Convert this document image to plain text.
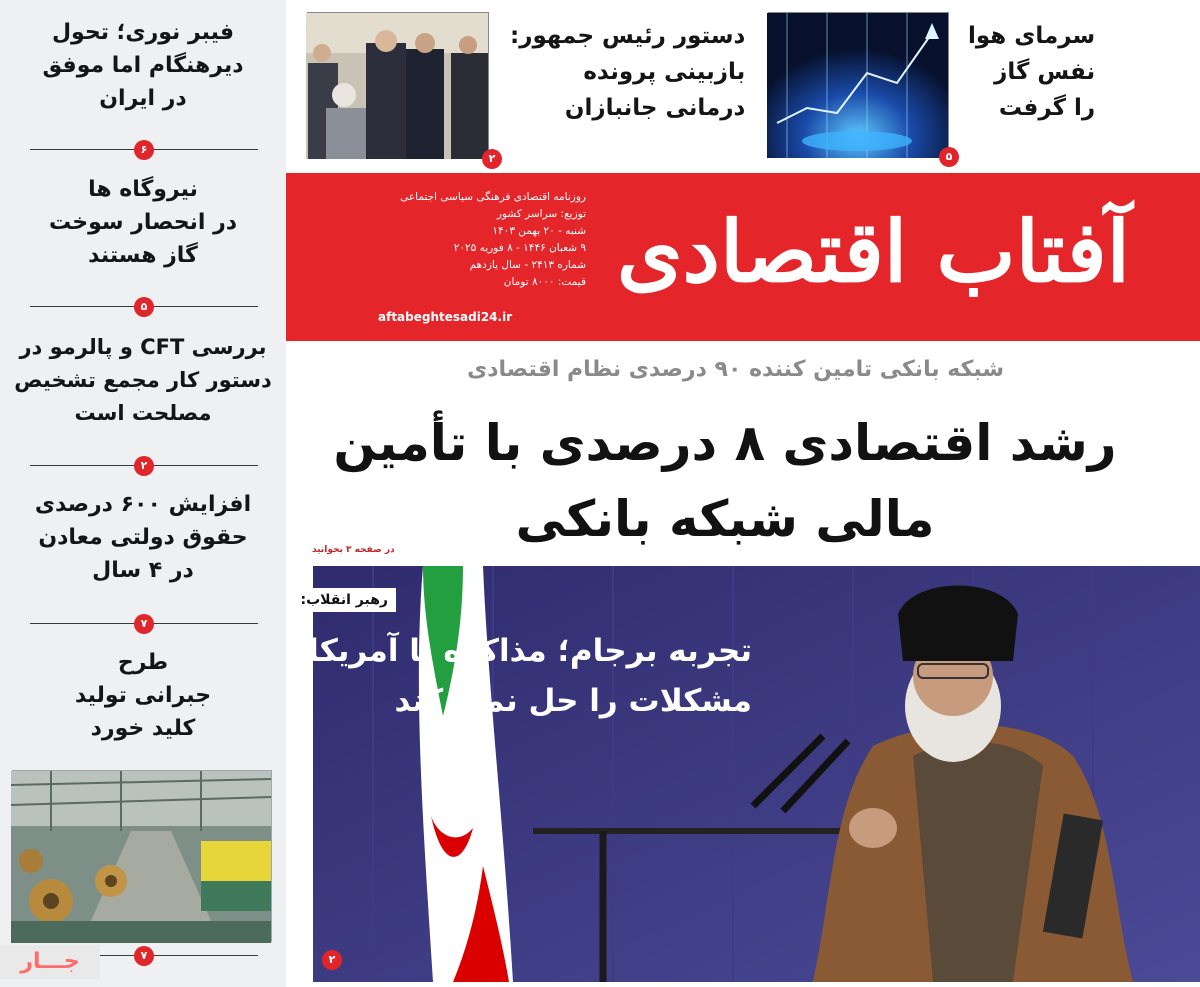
فیبر نوری؛ تحول
دیرهنگام اما موفق
در ایران
۶
نیروگاه ها
در انحصار سوخت
گاز هستند
۵
بررسی CFT و پالرمو در
دستور کار مجمع تشخیص
مصلحت است
۲
افزایش ۶۰۰ درصدی
حقوق دولتی معادن
در ۴ سال
۷
طرح
جبرانی تولید
کلید خورد
۷
جـــار
سرمای هوا
نفس گاز
را گرفت
۵
دستور رئیس جمهور:
بازبینی پرونده
درمانی جانبازان
۲
آفتاب اقتصادی
روزنامه اقتصادی فرهنگی سیاسی اجتماعی
توزیع: سراسر کشور
شنبه - ۲۰ بهمن ۱۴۰۳
۹ شعبان ۱۴۴۶ - ۸ فوریه ۲۰۲۵
شماره ۲۴۱۳ - سال یازدهم
قیمت: ۸۰۰۰ تومان
aftabeghtesadi24.ir
شبکه بانکی تامین کننده ۹۰ درصدی نظام اقتصادی
رشد اقتصادی ۸ درصدی با تأمین
مالی شبکه بانکی
در صفحه ۳ بخوانید
رهبر انقلاب:
تجربه برجام؛ مذاکره با آمریکا
مشکلات را حل نمی کند
۲
